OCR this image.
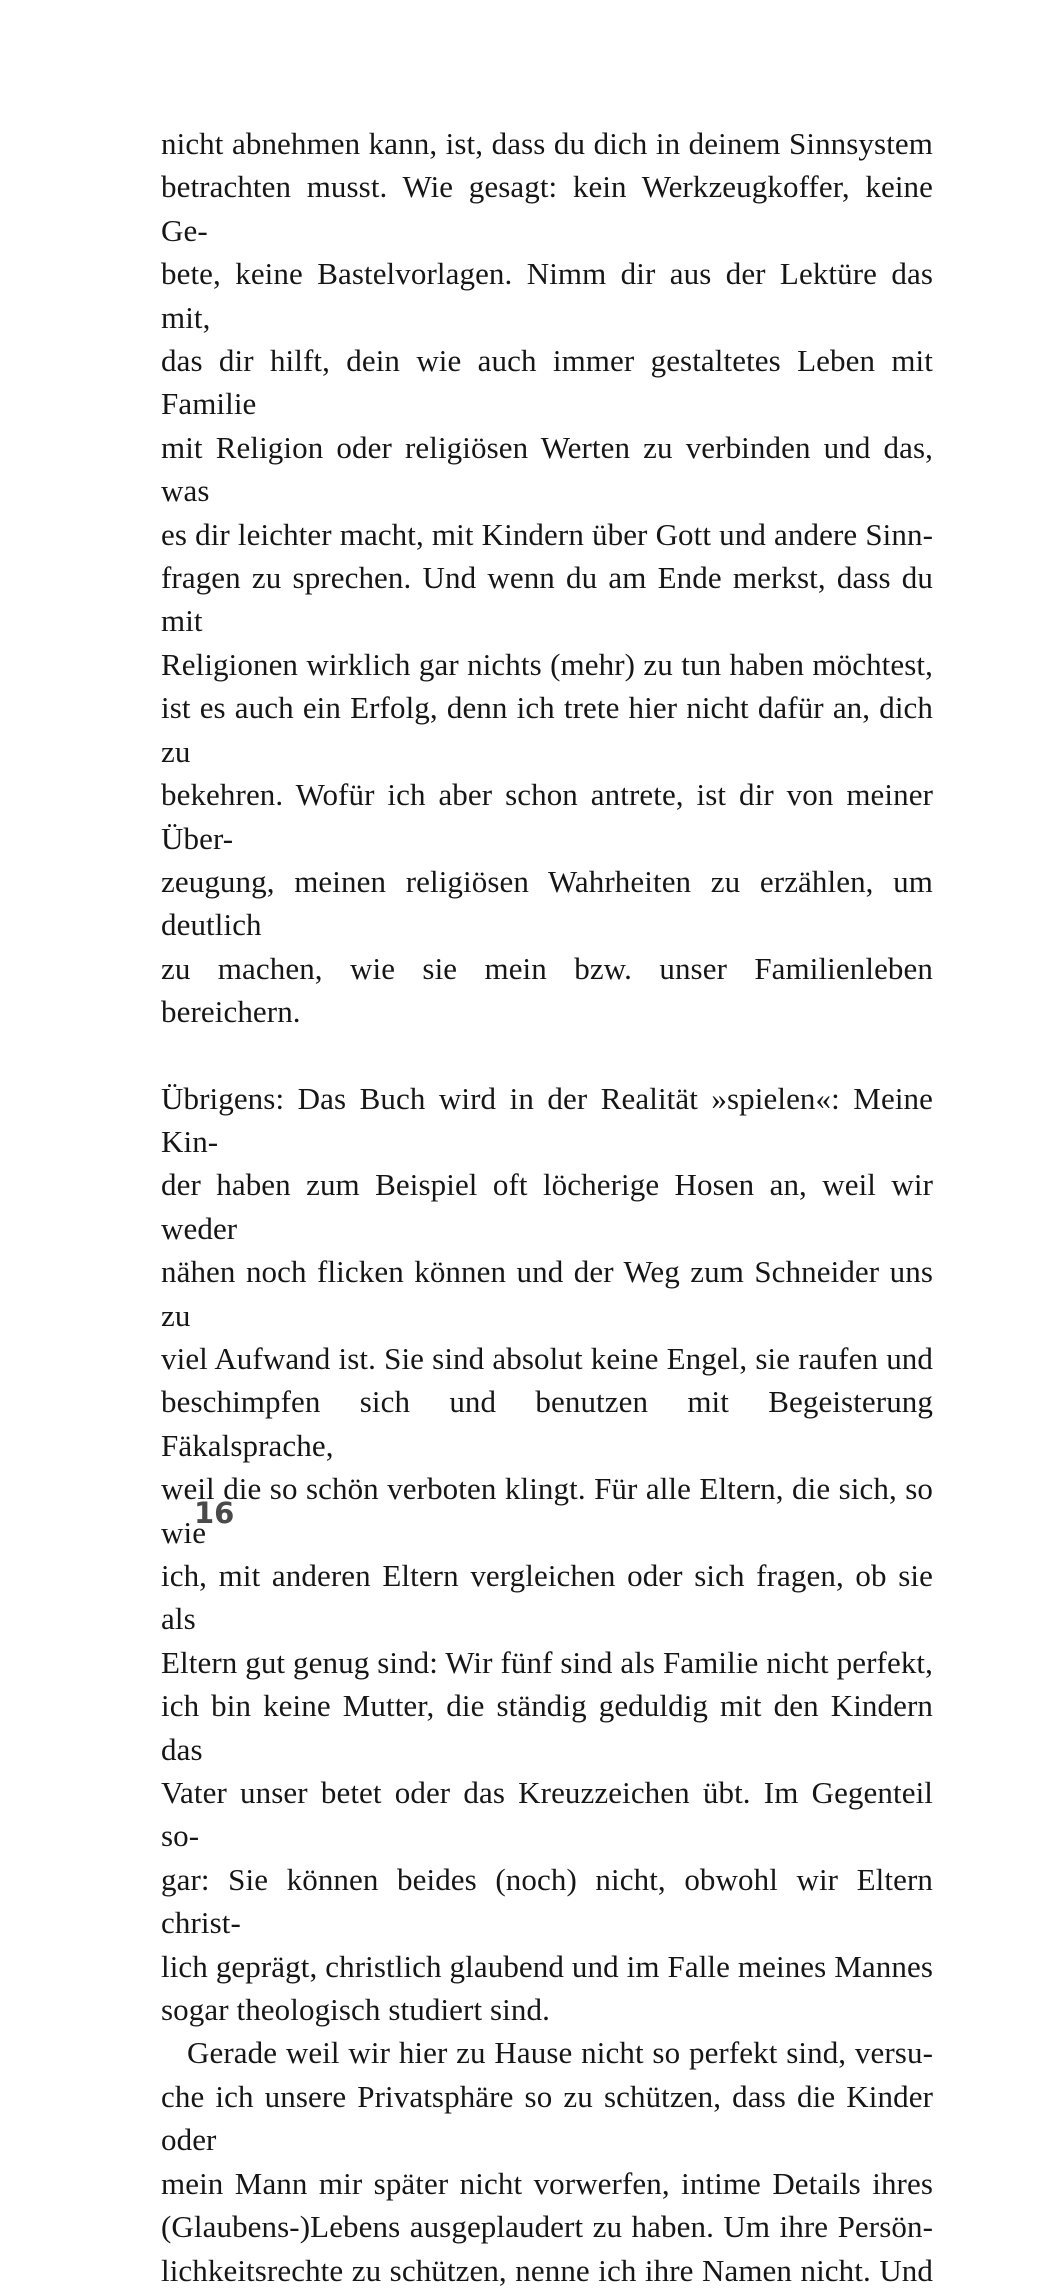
nicht abnehmen kann, ist, dass du dich in deinem Sinnsystem
betrachten musst. Wie gesagt: kein Werkzeugkoffer, keine Ge-
bete, keine Bastelvorlagen. Nimm dir aus der Lektüre das mit,
das dir hilft, dein wie auch immer gestaltetes Leben mit Familie
mit Religion oder religiösen Werten zu verbinden und das, was
es dir leichter macht, mit Kindern über Gott und andere Sinn-
fragen zu sprechen. Und wenn du am Ende merkst, dass du mit
Religionen wirklich gar nichts (mehr) zu tun haben möchtest,
ist es auch ein Erfolg, denn ich trete hier nicht dafür an, dich zu
bekehren. Wofür ich aber schon antrete, ist dir von meiner Über-
zeugung, meinen religiösen Wahrheiten zu erzählen, um deutlich
zu machen, wie sie mein bzw. unser Familienleben bereichern.
Übrigens: Das Buch wird in der Realität »spielen«: Meine Kin-
der haben zum Beispiel oft löcherige Hosen an, weil wir weder
nähen noch flicken können und der Weg zum Schneider uns zu
viel Aufwand ist. Sie sind absolut keine Engel, sie raufen und
beschimpfen sich und benutzen mit Begeisterung Fäkalsprache,
weil die so schön verboten klingt. Für alle Eltern, die sich, so wie
ich, mit anderen Eltern vergleichen oder sich fragen, ob sie als
Eltern gut genug sind: Wir fünf sind als Familie nicht perfekt,
ich bin keine Mutter, die ständig geduldig mit den Kindern das
Vater unser betet oder das Kreuzzeichen übt. Im Gegenteil so-
gar: Sie können beides (noch) nicht, obwohl wir Eltern christ-
lich geprägt, christlich glaubend und im Falle meines Mannes
sogar theologisch studiert sind.
Gerade weil wir hier zu Hause nicht so perfekt sind, versu-
che ich unsere Privatsphäre so zu schützen, dass die Kinder oder
mein Mann mir später nicht vorwerfen, intime Details ihres
(Glaubens-)Lebens ausgeplaudert zu haben. Um ihre Persön-
lichkeitsrechte zu schützen, nenne ich ihre Namen nicht. Und
16
